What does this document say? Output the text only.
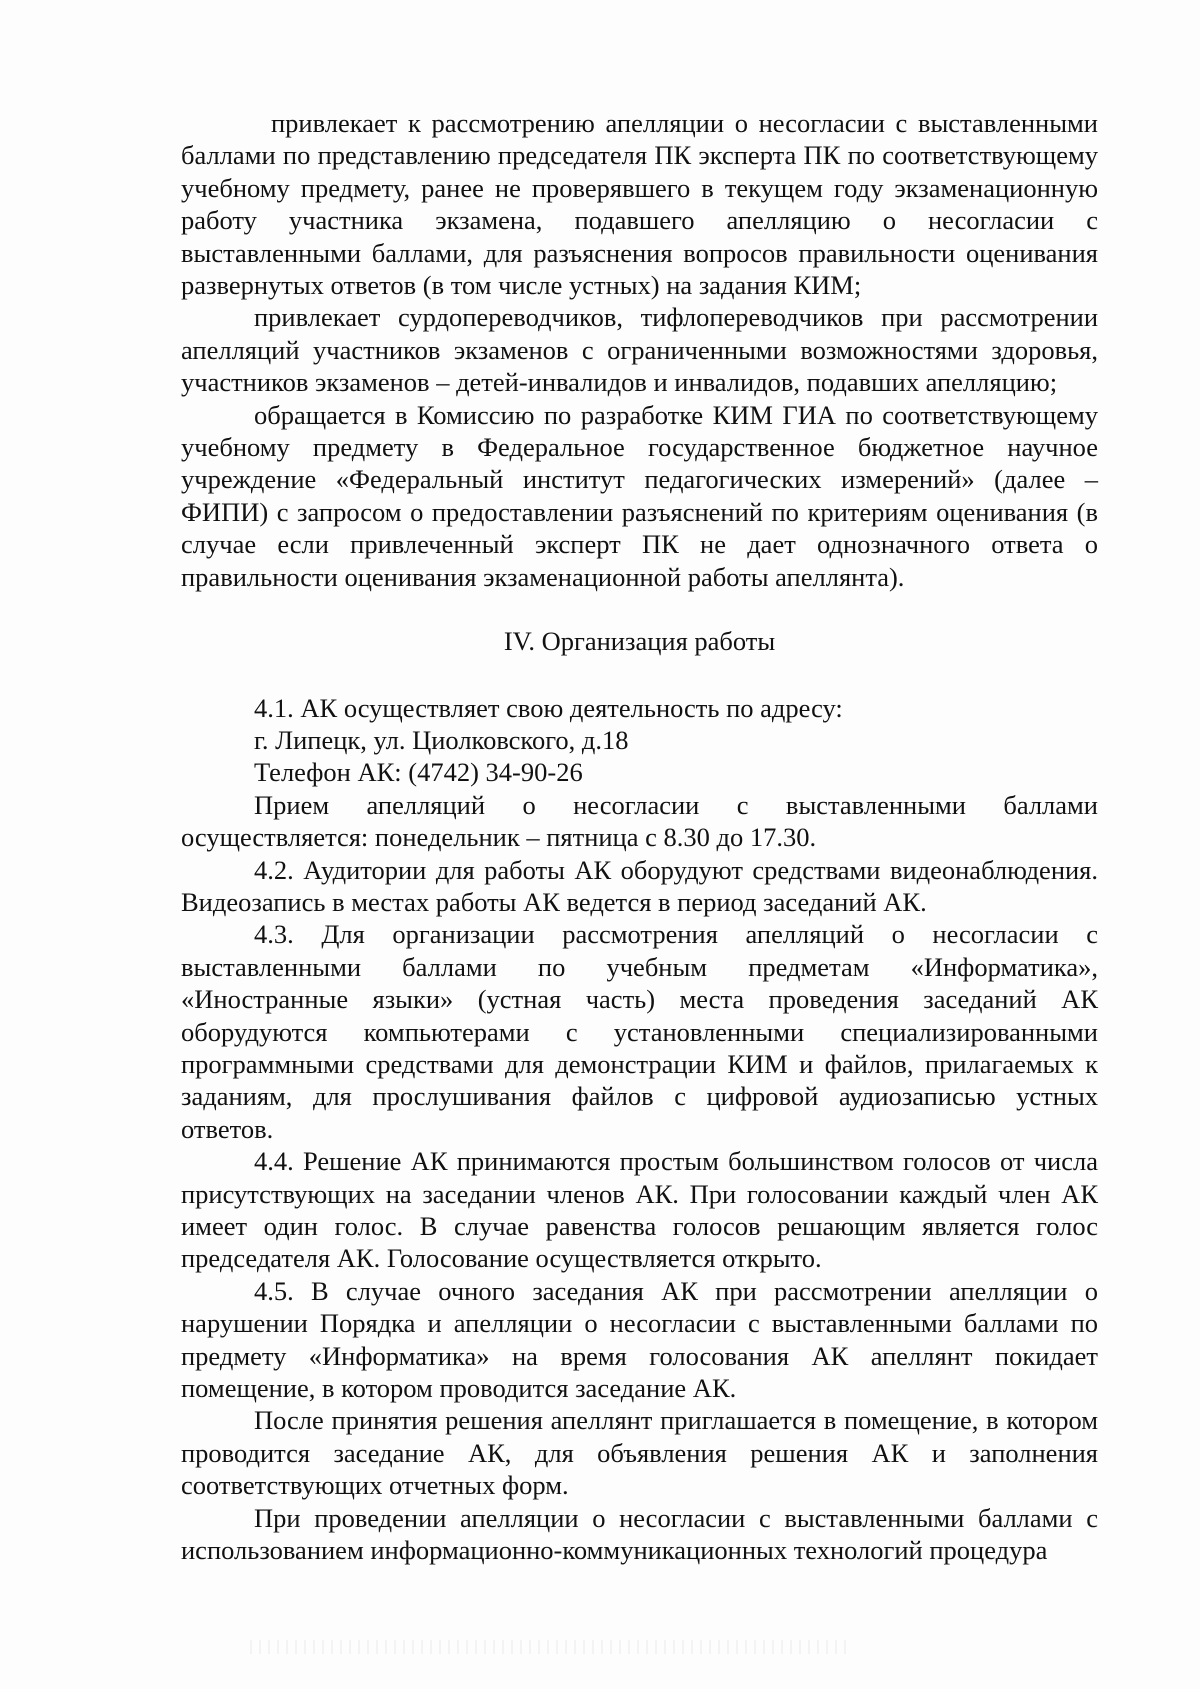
привлекает к рассмотрению апелляции о несогласии с выставленными баллами по представлению председателя ПК эксперта ПК по соответствующему учебному предмету, ранее не проверявшего в текущем году экзаменационную работу участника экзамена, подавшего апелляцию о несогласии с выставленными баллами, для разъяснения вопросов правильности оценивания развернутых ответов (в том числе устных) на задания КИМ;

привлекает сурдопереводчиков, тифлопереводчиков при рассмотрении апелляций участников экзаменов с ограниченными возможностями здоровья, участников экзаменов – детей-инвалидов и инвалидов, подавших апелляцию;

обращается в Комиссию по разработке КИМ ГИА по соответствующему учебному предмету в Федеральное государственное бюджетное научное учреждение «Федеральный институт педагогических измерений» (далее – ФИПИ) с запросом о предоставлении разъяснений по критериям оценивания (в случае если привлеченный эксперт ПК не дает однозначного ответа о правильности оценивания экзаменационной работы апеллянта).

IV. Организация работы

4.1. АК осуществляет свою деятельность по адресу:

г. Липецк, ул. Циолковского, д.18

Телефон АК: (4742) 34-90-26

Прием апелляций о несогласии с выставленными баллами осуществляется: понедельник – пятница с 8.30 до 17.30.

4.2. Аудитории для работы АК оборудуют средствами видеонаблюдения. Видеозапись в местах работы АК ведется в период заседаний АК.

4.3. Для организации рассмотрения апелляций о несогласии с выставленными баллами по учебным предметам «Информатика», «Иностранные языки» (устная часть) места проведения заседаний АК оборудуются компьютерами с установленными специализированными программными средствами для демонстрации КИМ и файлов, прилагаемых к заданиям, для прослушивания файлов с цифровой аудиозаписью устных ответов.

4.4. Решение АК принимаются простым большинством голосов от числа присутствующих на заседании членов АК. При голосовании каждый член АК имеет один голос. В случае равенства голосов решающим является голос председателя АК. Голосование осуществляется открыто.

4.5. В случае очного заседания АК при рассмотрении апелляции о нарушении Порядка и апелляции о несогласии с выставленными баллами по предмету «Информатика» на время голосования АК апеллянт покидает помещение, в котором проводится заседание АК.

После принятия решения апеллянт приглашается в помещение, в котором проводится заседание АК, для объявления решения АК и заполнения соответствующих отчетных форм.

При проведении апелляции о несогласии с выставленными баллами с использованием информационно-коммуникационных технологий процедура
